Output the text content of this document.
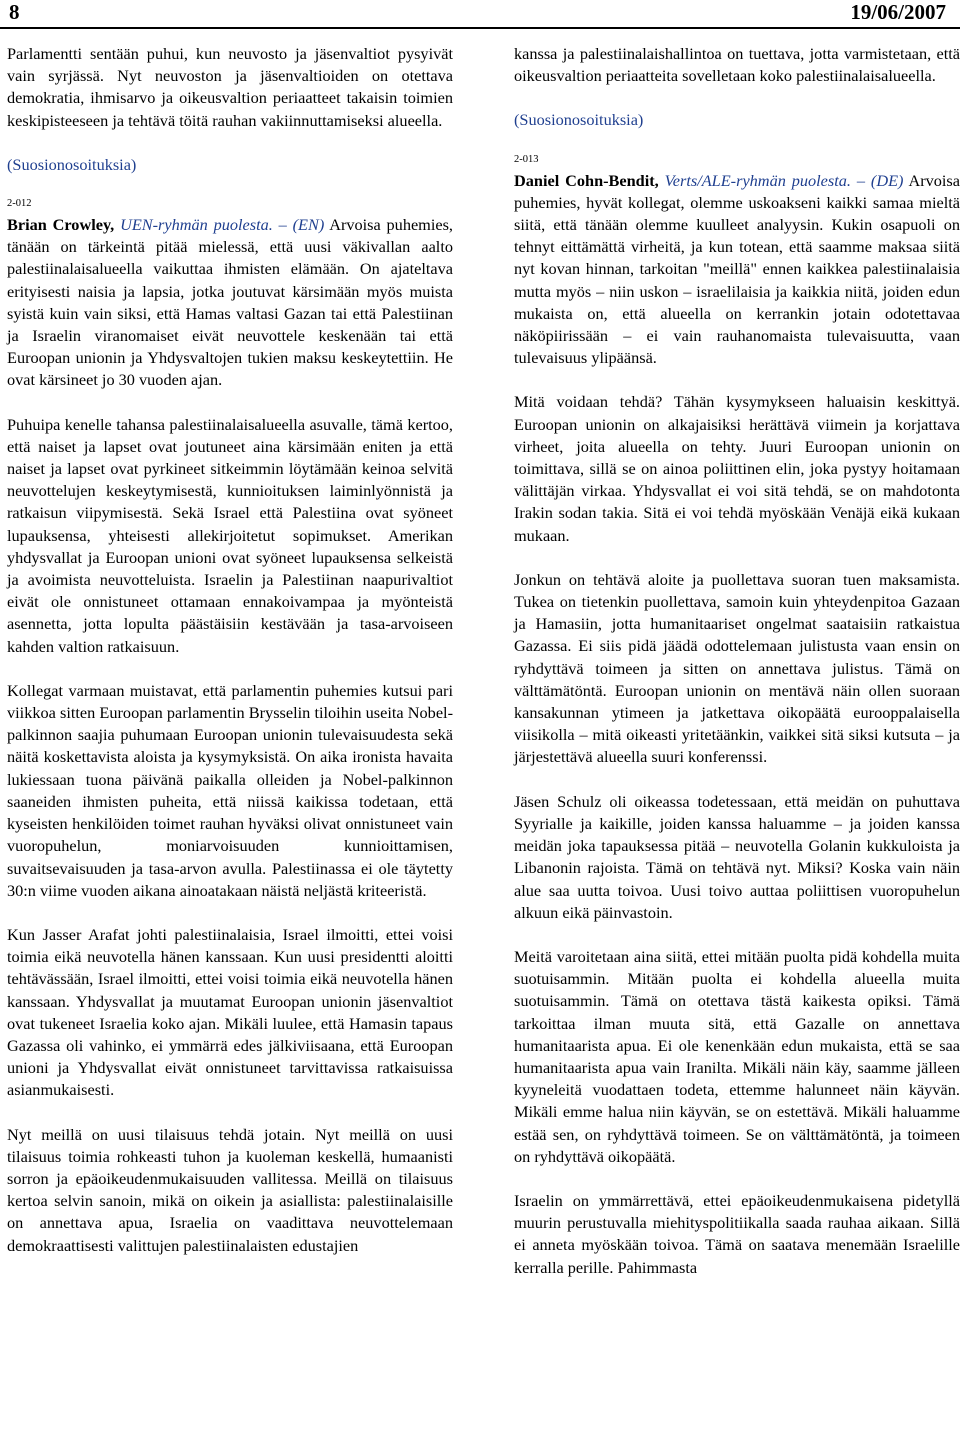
8	19/06/2007

Parlamentti sentään puhui, kun neuvosto ja jäsenvaltiot pysyivät vain syrjässä. Nyt neuvoston ja jäsenvaltioiden on otettava demokratia, ihmisarvo ja oikeusvaltion periaatteet takaisin toimien keskipisteeseen ja tehtävä töitä rauhan vakiinnuttamiseksi alueella.

(Suosionosoituksia)
2-012

Brian Crowley, UEN-ryhmän puolesta. – (EN) Arvoisa puhemies, tänään on tärkeintä pitää mielessä, että uusi väkivallan aalto palestiinalaisalueella vaikuttaa ihmisten elämään. On ajateltava erityisesti naisia ja lapsia, jotka joutuvat kärsimään myös muista syistä kuin vain siksi, että Hamas valtasi Gazan tai että Palestiinan ja Israelin viranomaiset eivät neuvottele keskenään tai että Euroopan unionin ja Yhdysvaltojen tukien maksu keskeytettiin. He ovat kärsineet jo 30 vuoden ajan.

Puhuipa kenelle tahansa palestiinalaisalueella asuvalle, tämä kertoo, että naiset ja lapset ovat joutuneet aina kärsimään eniten ja että naiset ja lapset ovat pyrkineet sitkeimmin löytämään keinoa selvitä neuvottelujen keskeytymisestä, kunnioituksen laiminlyönnistä ja ratkaisun viipymisestä. Sekä Israel että Palestiina ovat syöneet lupauksensa, yhteisesti allekirjoitetut sopimukset. Amerikan yhdysvallat ja Euroopan unioni ovat syöneet lupauksensa selkeistä ja avoimista neuvotteluista. Israelin ja Palestiinan naapurivaltiot eivät ole onnistuneet ottamaan ennakoivampaa ja myönteistä asennetta, jotta lopulta päästäisiin kestävään ja tasa-arvoiseen kahden valtion ratkaisuun.

Kollegat varmaan muistavat, että parlamentin puhemies kutsui pari viikkoa sitten Euroopan parlamentin Brysselin tiloihin useita Nobel-palkinnon saajia puhumaan Euroopan unionin tulevaisuudesta sekä näitä koskettavista aloista ja kysymyksistä. On aika ironista havaita lukiessaan tuona päivänä paikalla olleiden ja Nobel-palkinnon saaneiden ihmisten puheita, että niissä kaikissa todetaan, että kyseisten henkilöiden toimet rauhan hyväksi olivat onnistuneet vain vuoropuhelun, moniarvoisuuden kunnioittamisen, suvaitsevaisuuden ja tasa-arvon avulla. Palestiinassa ei ole täytetty 30:n viime vuoden aikana ainoatakaan näistä neljästä kriteeristä.

Kun Jasser Arafat johti palestiinalaisia, Israel ilmoitti, ettei voisi toimia eikä neuvotella hänen kanssaan. Kun uusi presidentti aloitti tehtävässään, Israel ilmoitti, ettei voisi toimia eikä neuvotella hänen kanssaan. Yhdysvallat ja muutamat Euroopan unionin jäsenvaltiot ovat tukeneet Israelia koko ajan. Mikäli luulee, että Hamasin tapaus Gazassa oli vahinko, ei ymmärrä edes jälkiviisaana, että Euroopan unioni ja Yhdysvallat eivät onnistuneet tarvittavissa ratkaisuissa asianmukaisesti.

Nyt meillä on uusi tilaisuus tehdä jotain. Nyt meillä on uusi tilaisuus toimia rohkeasti tuhon ja kuoleman keskellä, humaanisti sorron ja epäoikeudenmukaisuuden vallitessa. Meillä on tilaisuus kertoa selvin sanoin, mikä on oikein ja asiallista: palestiinalaisille on annettava apua, Israelia on vaadittava neuvottelemaan demokraattisesti valittujen palestiinalaisten edustajien

kanssa ja palestiinalaishallintoa on tuettava, jotta varmistetaan, että oikeusvaltion periaatteita sovelletaan koko palestiinalaisalueella.

(Suosionosoituksia)
2-013

Daniel Cohn-Bendit, Verts/ALE-ryhmän puolesta. – (DE) Arvoisa puhemies, hyvät kollegat, olemme uskoakseni kaikki samaa mieltä siitä, että tänään olemme kuulleet analyysin. Kukin osapuoli on tehnyt eittämättä virheitä, ja kun totean, että saamme maksaa siitä nyt kovan hinnan, tarkoitan "meillä" ennen kaikkea palestiinalaisia mutta myös – niin uskon – israelilaisia ja kaikkia niitä, joiden edun mukaista on, että alueella on kerrankin jotain odotettavaa näköpiirissään – ei vain rauhanomaista tulevaisuutta, vaan tulevaisuus ylipäänsä.

Mitä voidaan tehdä? Tähän kysymykseen haluaisin keskittyä. Euroopan unionin on alkajaisiksi herättävä viimein ja korjattava virheet, joita alueella on tehty. Juuri Euroopan unionin on toimittava, sillä se on ainoa poliittinen elin, joka pystyy hoitamaan välittäjän virkaa. Yhdysvallat ei voi sitä tehdä, se on mahdotonta Irakin sodan takia. Sitä ei voi tehdä myöskään Venäjä eikä kukaan mukaan.

Jonkun on tehtävä aloite ja puollettava suoran tuen maksamista. Tukea on tietenkin puollettava, samoin kuin yhteydenpitoa Gazaan ja Hamasiin, jotta humanitaariset ongelmat saataisiin ratkaistua Gazassa. Ei siis pidä jäädä odottelemaan julistusta vaan ensin on ryhdyttävä toimeen ja sitten on annettava julistus. Tämä on välttämätöntä. Euroopan unionin on mentävä näin ollen suoraan kansakunnan ytimeen ja jatkettava oikopäätä eurooppalaisella viisikolla – mitä oikeasti yritetäänkin, vaikkei sitä siksi kutsuta – ja järjestettävä alueella suuri konferenssi.

Jäsen Schulz oli oikeassa todetessaan, että meidän on puhuttava Syyrialle ja kaikille, joiden kanssa haluamme – ja joiden kanssa meidän joka tapauksessa pitää – neuvotella Golanin kukkuloista ja Libanonin rajoista. Tämä on tehtävä nyt. Miksi? Koska vain näin alue saa uutta toivoa. Uusi toivo auttaa poliittisen vuoropuhelun alkuun eikä päinvastoin.

Meitä varoitetaan aina siitä, ettei mitään puolta pidä kohdella muita suotuisammin. Mitään puolta ei kohdella alueella muita suotuisammin. Tämä on otettava tästä kaikesta opiksi. Tämä tarkoittaa ilman muuta sitä, että Gazalle on annettava humanitaarista apua. Ei ole kenenkään edun mukaista, että se saa humanitaarista apua vain Iranilta. Mikäli näin käy, saamme jälleen kyyneleitä vuodattaen todeta, ettemme halunneet näin käyvän. Mikäli emme halua niin käyvän, se on estettävä. Mikäli haluamme estää sen, on ryhdyttävä toimeen. Se on välttämätöntä, ja toimeen on ryhdyttävä oikopäätä.

Israelin on ymmärrettävä, ettei epäoikeudenmukaisena pidetyllä muurin perustuvalla miehityspolitiikalla saada rauhaa aikaan. Sillä ei anneta myöskään toivoa. Tämä on saatava menemään Israelille kerralla perille. Pahimmasta
